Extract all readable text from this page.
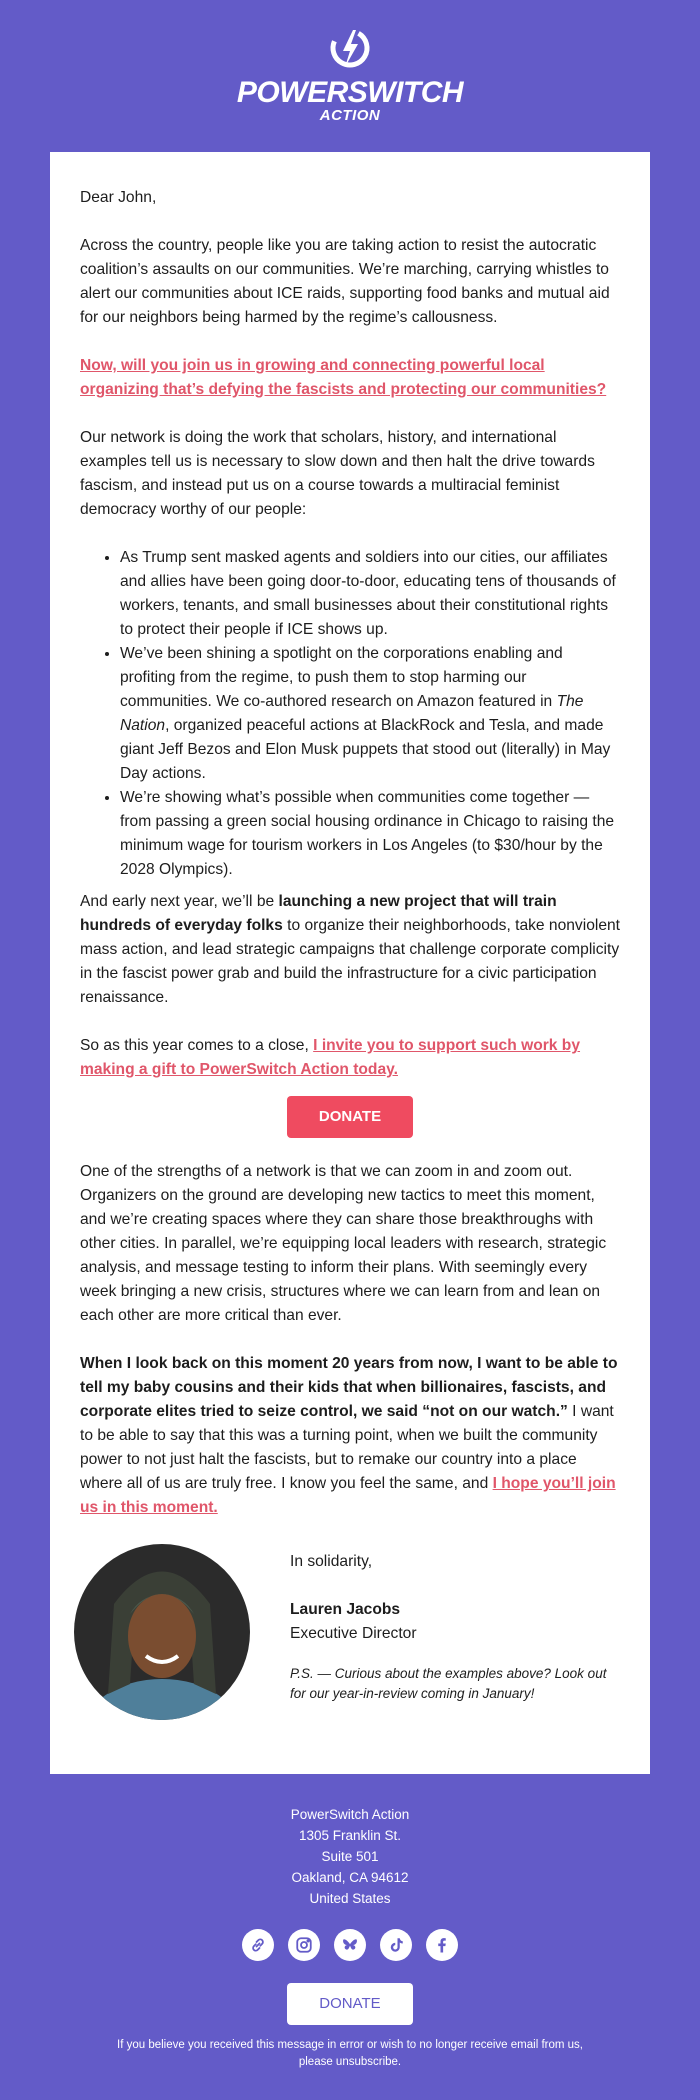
POWERSWITCH
ACTION

Dear John,

Across the country, people like you are taking action to resist the autocratic coalition’s assaults on our communities. We’re marching, carrying whistles to alert our communities about ICE raids, supporting food banks and mutual aid for our neighbors being harmed by the regime’s callousness.

Now, will you join us in growing and connecting powerful local organizing that’s defying the fascists and protecting our communities?

Our network is doing the work that scholars, history, and international examples tell us is necessary to slow down and then halt the drive towards fascism, and instead put us on a course towards a multiracial feminist democracy worthy of our people:

• As Trump sent masked agents and soldiers into our cities, our affiliates and allies have been going door-to-door, educating tens of thousands of workers, tenants, and small businesses about their constitutional rights to protect their people if ICE shows up.
• We’ve been shining a spotlight on the corporations enabling and profiting from the regime, to push them to stop harming our communities. We co-authored research on Amazon featured in The Nation, organized peaceful actions at BlackRock and Tesla, and made giant Jeff Bezos and Elon Musk puppets that stood out (literally) in May Day actions.
• We’re showing what’s possible when communities come together — from passing a green social housing ordinance in Chicago to raising the minimum wage for tourism workers in Los Angeles (to $30/hour by the 2028 Olympics).

And early next year, we’ll be launching a new project that will train hundreds of everyday folks to organize their neighborhoods, take nonviolent mass action, and lead strategic campaigns that challenge corporate complicity in the fascist power grab and build the infrastructure for a civic participation renaissance.

So as this year comes to a close, I invite you to support such work by making a gift to PowerSwitch Action today.

DONATE

One of the strengths of a network is that we can zoom in and zoom out. Organizers on the ground are developing new tactics to meet this moment, and we’re creating spaces where they can share those breakthroughs with other cities. In parallel, we’re equipping local leaders with research, strategic analysis, and message testing to inform their plans. With seemingly every week bringing a new crisis, structures where we can learn from and lean on each other are more critical than ever.

When I look back on this moment 20 years from now, I want to be able to tell my baby cousins and their kids that when billionaires, fascists, and corporate elites tried to seize control, we said “not on our watch.” I want to be able to say that this was a turning point, when we built the community power to not just halt the fascists, but to remake our country into a place where all of us are truly free. I know you feel the same, and I hope you’ll join us in this moment.

In solidarity,
Lauren Jacobs
Executive Director
P.S. — Curious about the examples above? Look out for our year-in-review coming in January!
PowerSwitch Action
1305 Franklin St.
Suite 501
Oakland, CA 94612
United States
DONATE
If you believe you received this message in error or wish to no longer receive email from us,
please unsubscribe.
